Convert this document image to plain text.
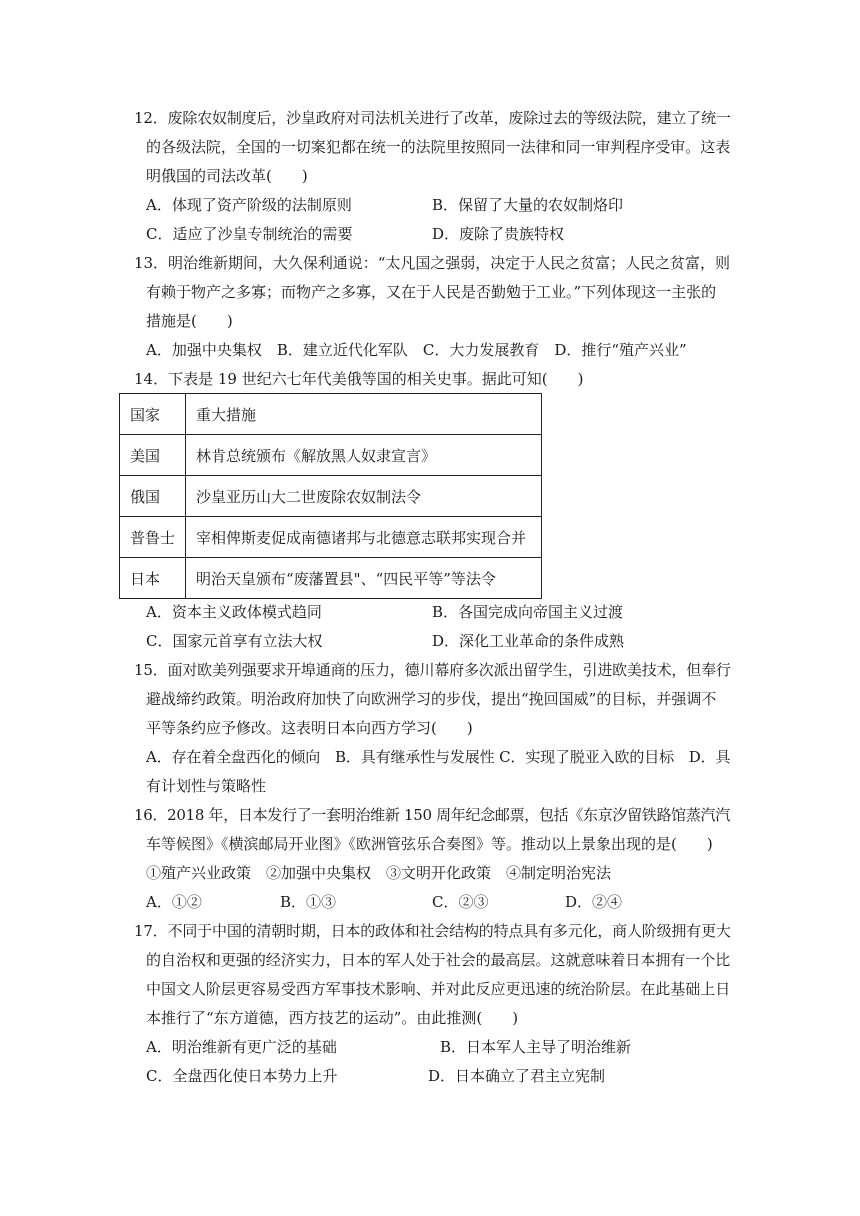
12．废除农奴制度后，沙皇政府对司法机关进行了改革，废除过去的等级法院，建立了统一
的各级法院，全国的一切案犯都在统一的法院里按照同一法律和同一审判程序受审。这表
明俄国的司法改革(　　)
A．体现了资产阶级的法制原则	B．保留了大量的农奴制烙印
C．适应了沙皇专制统治的需要	D．废除了贵族特权
13．明治维新期间，大久保利通说：“太凡国之强弱，决定于人民之贫富；人民之贫富，则
有赖于物产之多寡；而物产之多寡，又在于人民是否勤勉于工业。”下列体现这一主张的
措施是(　　)
A．加强中央集权　B．建立近代化军队　C．大力发展教育　D．推行“殖产兴业”
14．下表是 19 世纪六七年代美俄等国的相关史事。据此可知(　　)
国家	重大措施
美国	林肯总统颁布《解放黑人奴隶宣言》
俄国	沙皇亚历山大二世废除农奴制法令
普鲁士	宰相俾斯麦促成南德诸邦与北德意志联邦实现合并
日本	明治天皇颁布“废藩置县"、“四民平等”等法令
A．资本主义政体模式趋同	B．各国完成向帝国主义过渡
C．国家元首享有立法大权	D．深化工业革命的条件成熟
15．面对欧美列强要求开埠通商的压力，德川幕府多次派出留学生，引进欧美技术，但奉行
避战缔约政策。明治政府加快了向欧洲学习的步伐，提出“挽回国威”的目标，并强调不
平等条约应予修改。这表明日本向西方学习(　　)
A．存在着全盘西化的倾向　B．具有继承性与发展性 C．实现了脱亚入欧的目标　D．具
有计划性与策略性
16．2018 年，日本发行了一套明治维新 150 周年纪念邮票，包括《东京汐留铁路馆蒸汽汽
车等候图》《横滨邮局开业图》《欧洲管弦乐合奏图》等。推动以上景象出现的是(　　)
①殖产兴业政策　②加强中央集权　③文明开化政策　④制定明治宪法
A．①②	B．①③	C．②③	D．②④
17．不同于中国的清朝时期，日本的政体和社会结构的特点具有多元化，商人阶级拥有更大
的自治权和更强的经济实力，日本的军人处于社会的最高层。这就意味着日本拥有一个比
中国文人阶层更容易受西方军事技术影响、并对此反应更迅速的统治阶层。在此基础上日
本推行了“东方道德，西方技艺的运动”。由此推测(　　)
A．明治维新有更广泛的基础	B．日本军人主导了明治维新
C．全盘西化使日本势力上升	D．日本确立了君主立宪制
